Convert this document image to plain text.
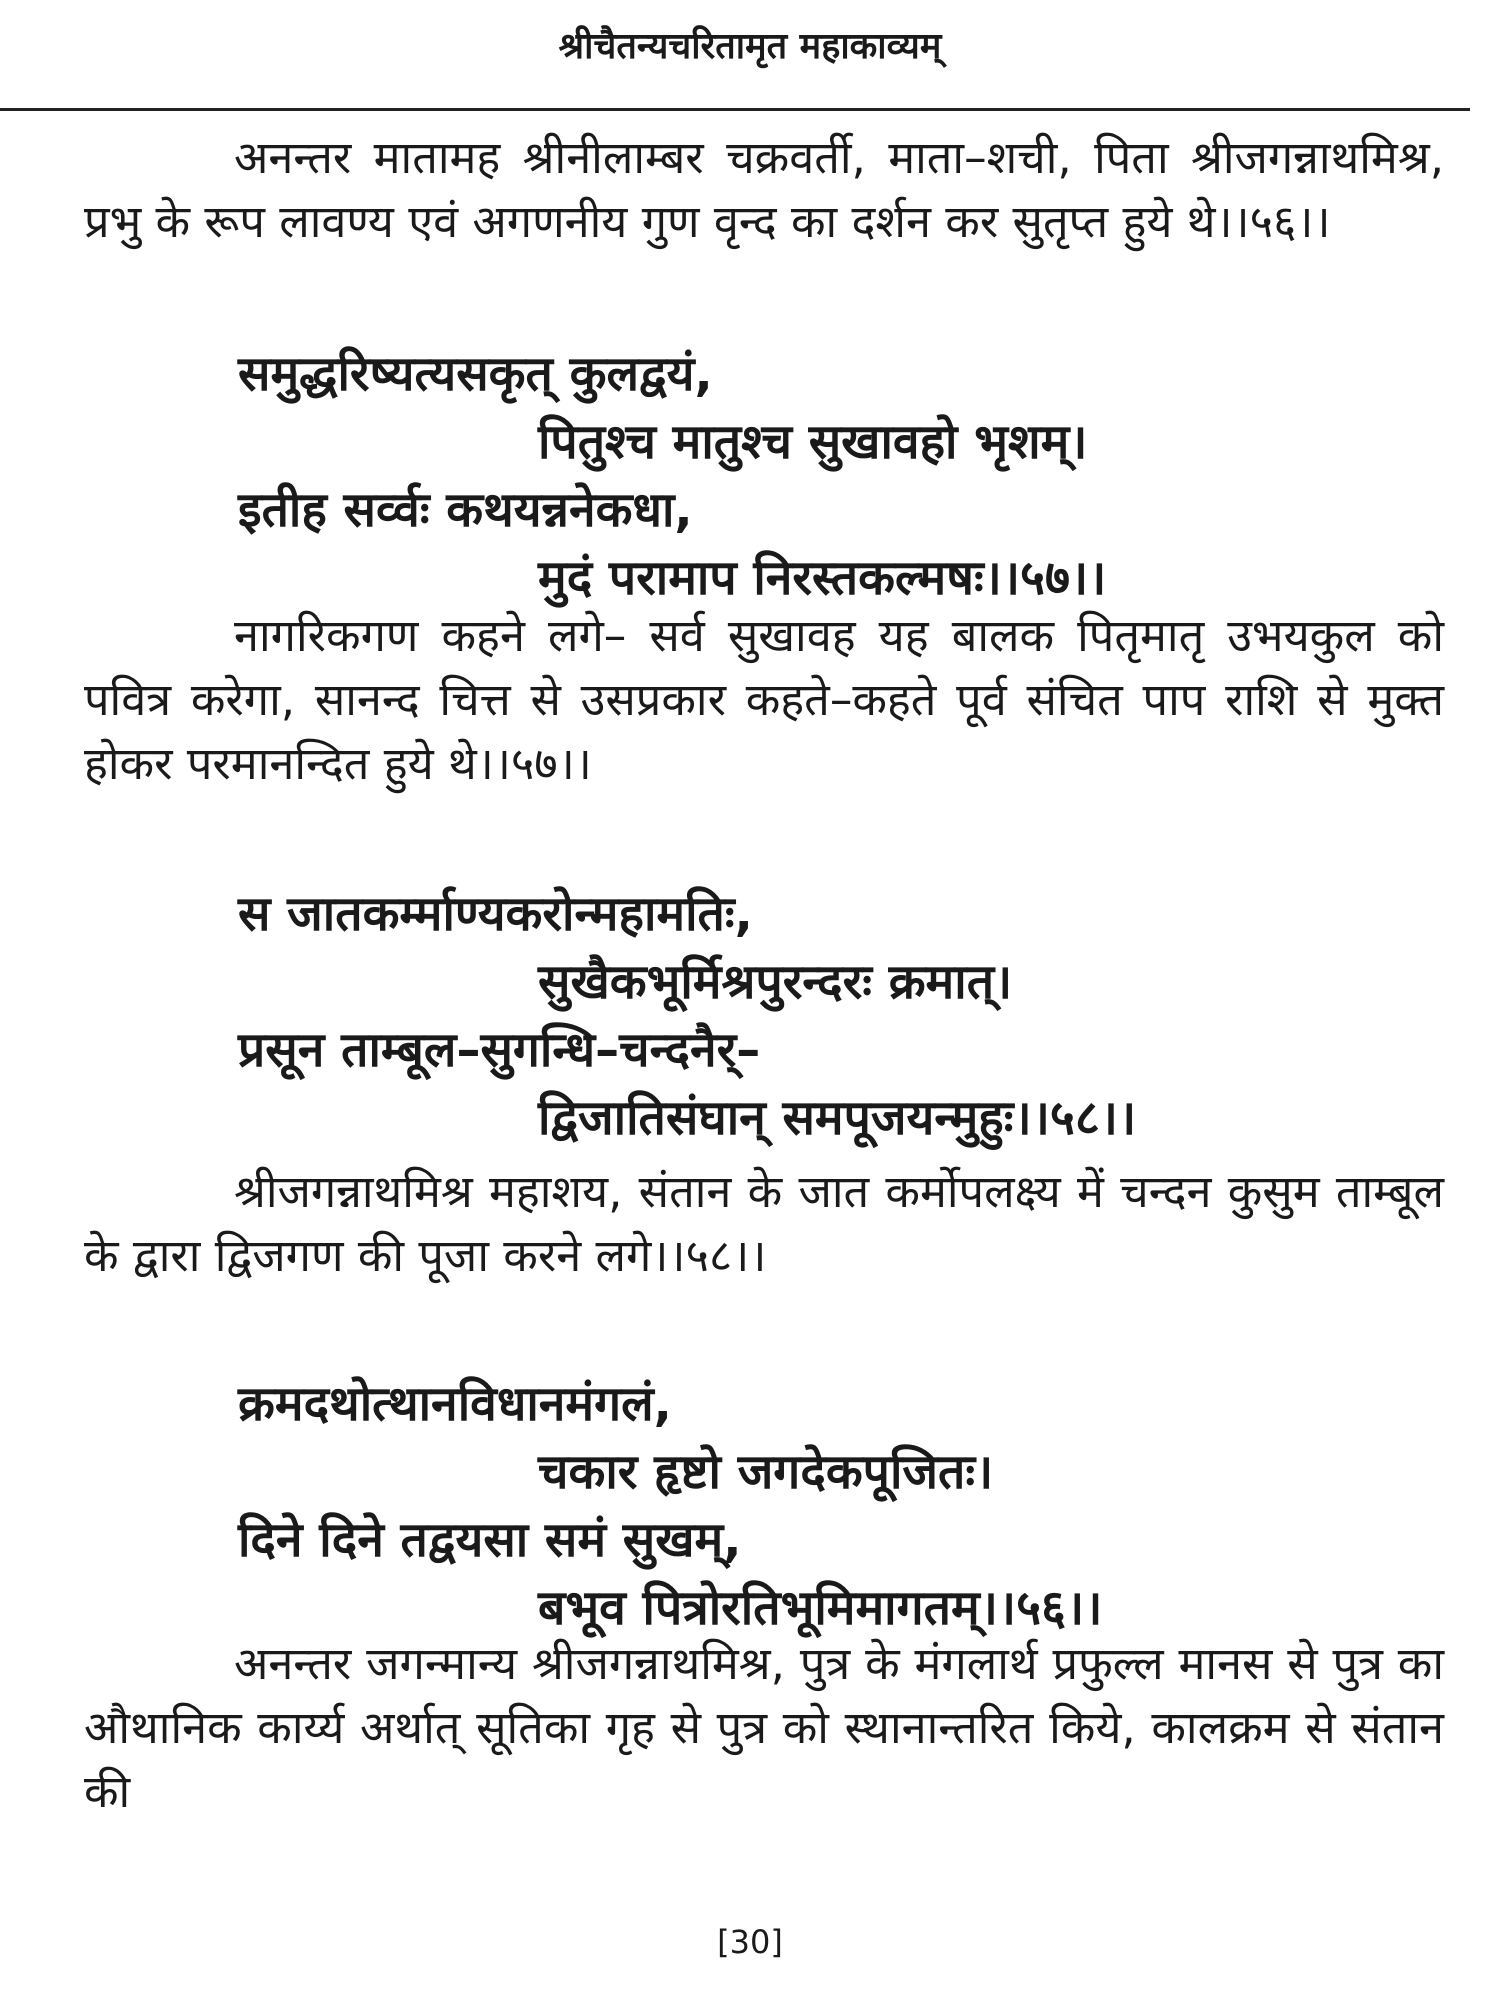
श्रीचैतन्यचरितामृत महाकाव्यम्

अनन्तर मातामह श्रीनीलाम्बर चक्रवर्ती, माता–शची, पिता श्रीजगन्नाथमिश्र, प्रभु के रूप लावण्य एवं अगणनीय गुण वृन्द का दर्शन कर सुतृप्त हुये थे।।५६।।

समुद्धरिष्यत्यसकृत् कुलद्वयं,
पितुश्च मातुश्च सुखावहो भृशम्।
इतीह सर्व्वः कथयन्ननेकधा,
मुदं परामाप निरस्तकल्मषः।।५७।।

नागरिकगण कहने लगे– सर्व सुखावह यह बालक पितृमातृ उभयकुल को पवित्र करेगा, सानन्द चित्त से उसप्रकार कहते–कहते पूर्व संचित पाप राशि से मुक्त होकर परमानन्दित हुये थे।।५७।।

स जातकर्म्माण्यकरोन्महामतिः,
सुखैकभूर्मिश्रपुरन्दरः क्रमात्।
प्रसून ताम्बूल–सुगन्धि–चन्दनैर्–
द्विजातिसंघान् समपूजयन्मुहुः।।५८।।

श्रीजगन्नाथमिश्र महाशय, संतान के जात कर्मोपलक्ष्य में चन्दन कुसुम ताम्बूल के द्वारा द्विजगण की पूजा करने लगे।।५८।।

क्रमदथोत्थानविधानमंगलं,
चकार हृष्टो जगदेकपूजितः।
दिने दिने तद्वयसा समं सुखम्,
बभूव पित्रोरतिभूमिमागतम्।।५६।।

अनन्तर जगन्मान्य श्रीजगन्नाथमिश्र, पुत्र के मंगलार्थ प्रफुल्ल मानस से पुत्र का औथानिक कार्य्य अर्थात् सूतिका गृह से पुत्र को स्थानान्तरित किये, कालक्रम से संतान की

[30]
